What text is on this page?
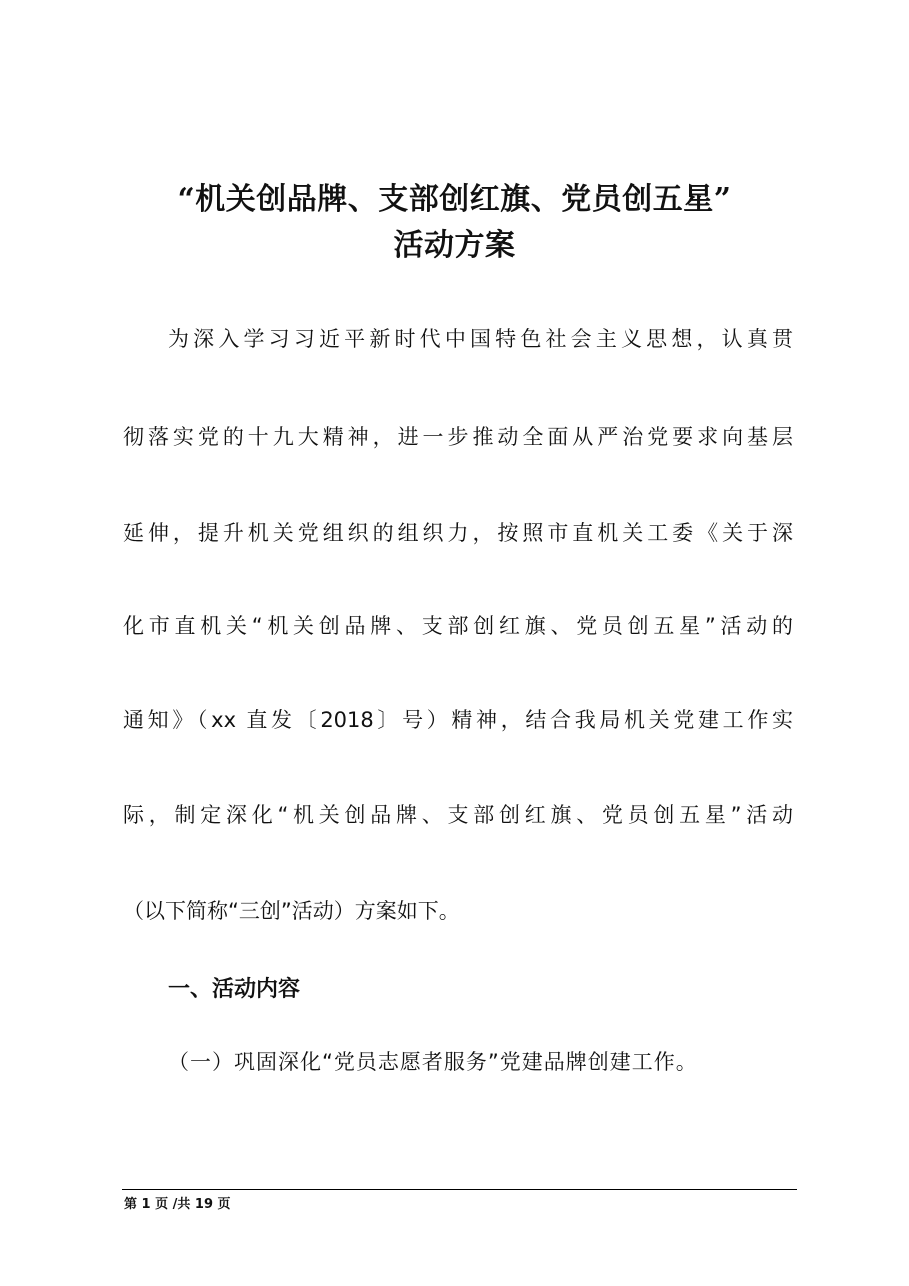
“机关创品牌、支部创红旗、党员创五星”
活动方案
为深入学习习近平新时代中国特色社会主义思想，认真贯
彻落实党的十九大精神，进一步推动全面从严治党要求向基层
延伸，提升机关党组织的组织力，按照市直机关工委《关于深
化市直机关“机关创品牌、支部创红旗、党员创五星”活动的
通知》（xx 直发〔2018〕号）精神，结合我局机关党建工作实
际，制定深化“机关创品牌、支部创红旗、党员创五星”活动
（以下简称“三创”活动）方案如下。
一、活动内容
（一）巩固深化“党员志愿者服务”党建品牌创建工作。
第 1 页 /共 19 页
